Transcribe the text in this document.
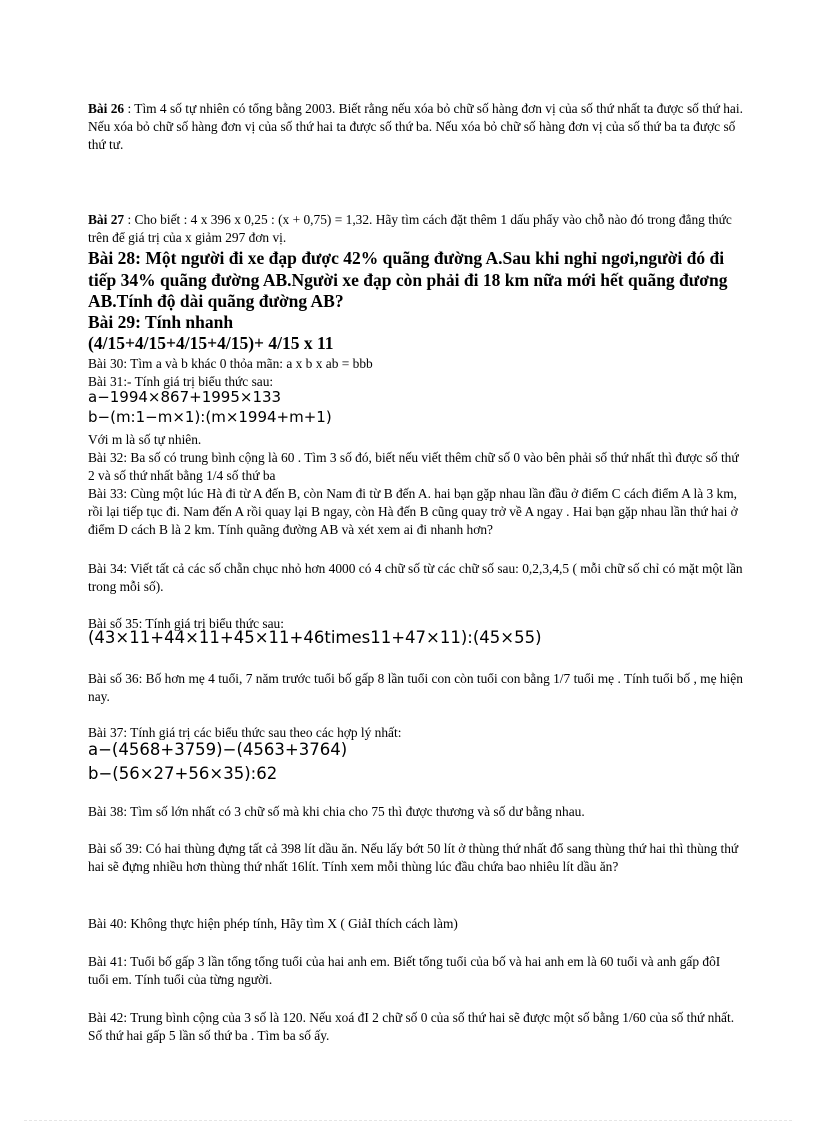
Bài 26 : Tìm 4 số tự nhiên có tổng bằng 2003. Biết rằng nếu xóa bỏ chữ số hàng đơn vị của số thứ nhất ta được số thứ hai. Nếu xóa bỏ chữ số hàng đơn vị của số thứ hai ta được số thứ ba. Nếu xóa bỏ chữ số hàng đơn vị của số thứ ba ta được số thứ tư.

Bài 27 : Cho biết : 4 x 396 x 0,25 : (x + 0,75) = 1,32. Hãy tìm cách đặt thêm 1 dấu phẩy vào chỗ nào đó trong đẳng thức trên để giá trị của x giảm 297 đơn vị.

Bài 28: Một người đi xe đạp được 42% quãng đường A.Sau khi nghỉ ngơi,người đó đi tiếp 34% quãng đường AB.Người xe đạp còn phải đi 18 km nữa mới hết quãng đương AB.Tính độ dài quãng đường AB?

Bài 29: Tính nhanh

(4/15+4/15+4/15+4/15)+ 4/15 x 11

Bài 30: Tìm a và b khác 0 thỏa mãn: a x b x ab = bbb

Bài 31:- Tính giá trị biểu thức sau:

a−1994×867+1995×133

b−(m:1−m×1):(m×1994+m+1)

Với m là số tự nhiên.

Bài 32: Ba số có trung bình cộng là 60 . Tìm 3 số đó, biết nếu viết thêm chữ số 0 vào bên phải số thứ nhất thì được số thứ 2 và số thứ nhất bằng 1/4 số thứ ba

Bài 33: Cùng một lúc Hà đi từ A đến B, còn Nam đi từ B đến A. hai bạn gặp nhau lần đầu ở điểm C cách điểm A là 3 km, rồi lại tiếp tục đi. Nam đến A rồi quay lại B ngay, còn Hà đến B cũng quay trở về A ngay . Hai bạn gặp nhau lần thứ hai ở điểm D cách B là 2 km. Tính quãng đường AB và xét xem ai đi nhanh hơn?

Bài 34: Viết tất cả các số chẵn chục nhỏ hơn 4000 có 4 chữ số từ các chữ số sau: 0,2,3,4,5 ( mỗi chữ số chỉ có mặt một lần trong mỗi số).

Bài số 35: Tính giá trị biểu thức sau:

(43×11+44×11+45×11+46times11+47×11):(45×55)

Bài số 36: Bố hơn mẹ 4 tuổi, 7 năm trước tuổi bố gấp 8 lần tuổi con còn tuổi con bằng 1/7 tuổi mẹ . Tính tuổi bố , mẹ hiện nay.

Bài 37: Tính giá trị các biểu thức sau theo các hợp lý nhất:

a−(4568+3759)−(4563+3764)

b−(56×27+56×35):62

Bài 38: Tìm số lớn nhất có 3 chữ số mà khi chia cho 75 thì được thương và số dư bằng nhau.

Bài số 39: Có hai thùng đựng tất cả 398 lít dầu ăn. Nếu lấy bớt 50 lít ở thùng thứ nhất đổ sang thùng thứ hai thì thùng thứ hai sẽ đựng nhiều hơn thùng thứ nhất 16lít. Tính xem mỗi thùng lúc đầu chứa bao nhiêu lít dầu ăn?

Bài 40: Không thực hiện phép tính, Hãy tìm X ( GiảI thích cách làm)

Bài 41: Tuổi bố gấp 3 lần tổng tổng tuổi của hai anh em. Biết tổng tuổi của bố và hai anh em là 60 tuổi và anh gấp đôI tuổi em. Tính tuổi của từng người.

Bài 42: Trung bình cộng của 3 số là 120. Nếu xoá đI 2 chữ số 0 của số thứ hai sẽ được một số bằng 1/60 của số thứ nhất. Số thứ hai gấp 5 lần số thứ ba . Tìm ba số ấy.
